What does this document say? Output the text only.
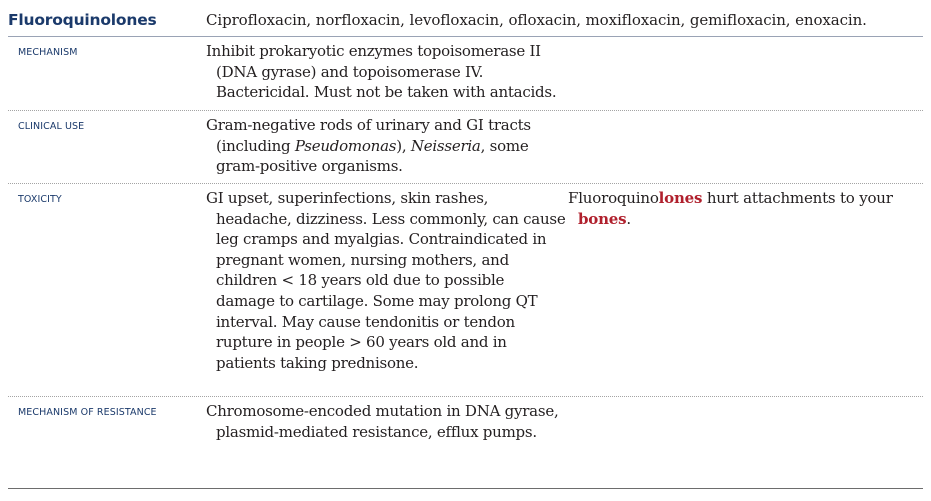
Fluoroquinolones	Ciprofloxacin, norfloxacin, levofloxacin, ofloxacin, moxifloxacin, gemifloxacin, enoxacin.
MECHANISM	Inhibit prokaryotic enzymes topoisomerase II (DNA gyrase) and topoisomerase IV. Bactericidal. Must not be taken with antacids.

CLINICAL USE	Gram-negative rods of urinary and GI tracts (including Pseudomonas), Neisseria, some gram-positive organisms.

TOXICITY	GI upset, superinfections, skin rashes, headache, dizziness. Less commonly, can cause leg cramps and myalgias. Contraindicated in pregnant women, nursing mothers, and children < 18 years old due to possible damage to cartilage. Some may prolong QT interval. May cause tendonitis or tendon rupture in people > 60 years old and in patients taking prednisone.

Fluoroquinolones hurt attachments to your bones.

MECHANISM OF RESISTANCE	Chromosome-encoded mutation in DNA gyrase, plasmid-mediated resistance, efflux pumps.
